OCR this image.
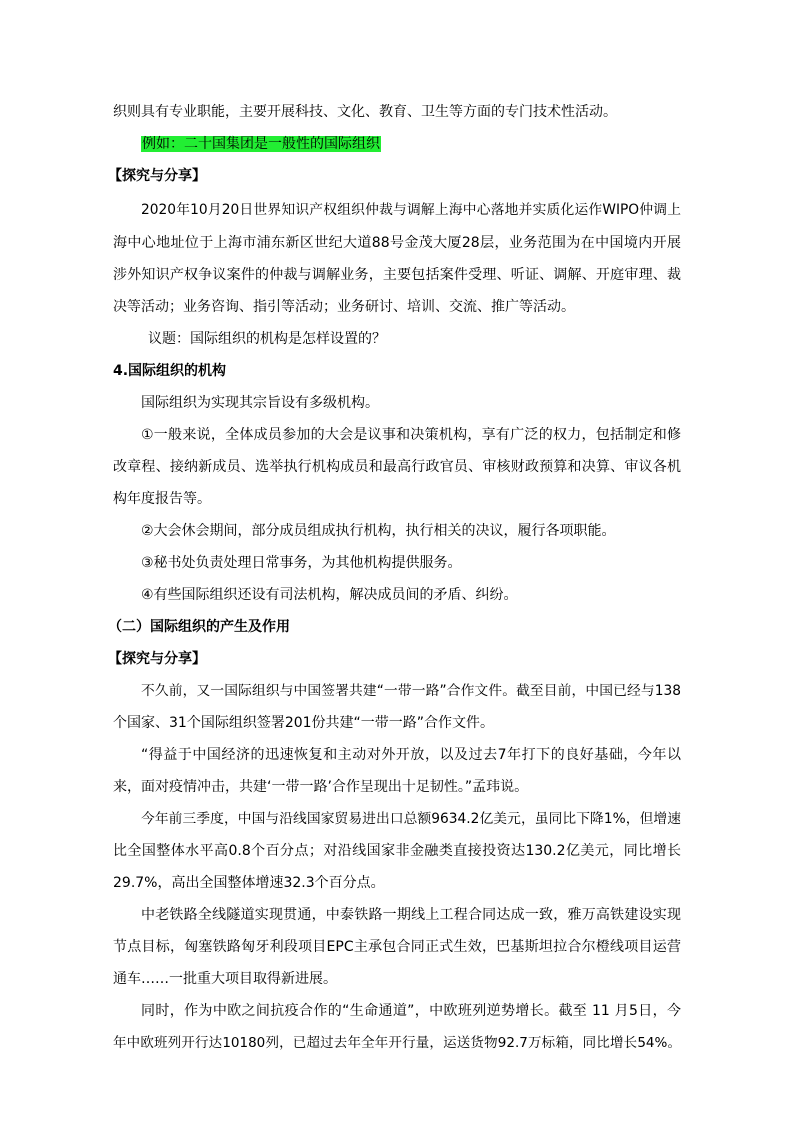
织则具有专业职能，主要开展科技、文化、教育、卫生等方面的专门技术性活动。
例如：二十国集团是一般性的国际组织
【探究与分享】
2020年10月20日世界知识产权组织仲裁与调解上海中心落地并实质化运作WIPO仲调上
海中心地址位于上海市浦东新区世纪大道88号金茂大厦28层，业务范围为在中国境内开展
涉外知识产权争议案件的仲裁与调解业务，主要包括案件受理、听证、调解、开庭审理、裁
决等活动；业务咨询、指引等活动；业务研讨、培训、交流、推广等活动。
议题：国际组织的机构是怎样设置的？
4.国际组织的机构
国际组织为实现其宗旨设有多级机构。
①一般来说，全体成员参加的大会是议事和决策机构，享有广泛的权力，包括制定和修
改章程、接纳新成员、选举执行机构成员和最高行政官员、审核财政预算和决算、审议各机
构年度报告等。
②大会休会期间，部分成员组成执行机构，执行相关的决议，履行各项职能。
③秘书处负责处理日常事务，为其他机构提供服务。
④有些国际组织还设有司法机构，解决成员间的矛盾、纠纷。
（二）国际组织的产生及作用
【探究与分享】
不久前，又一国际组织与中国签署共建“一带一路”合作文件。截至目前，中国已经与138
个国家、31个国际组织签署201份共建“一带一路”合作文件。
“得益于中国经济的迅速恢复和主动对外开放，以及过去7年打下的良好基础，今年以
来，面对疫情冲击，共建‘一带一路’合作呈现出十足韧性。”孟玮说。
今年前三季度，中国与沿线国家贸易进出口总额9634.2亿美元，虽同比下降1%，但增速
比全国整体水平高0.8个百分点；对沿线国家非金融类直接投资达130.2亿美元，同比增长
29.7%，高出全国整体增速32.3个百分点。
中老铁路全线隧道实现贯通，中泰铁路一期线上工程合同达成一致，雅万高铁建设实现
节点目标，匈塞铁路匈牙利段项目EPC主承包合同正式生效，巴基斯坦拉合尔橙线项目运营
通车……一批重大项目取得新进展。
同时，作为中欧之间抗疫合作的“生命通道”，中欧班列逆势增长。截至 11 月5日，今
年中欧班列开行达10180列，已超过去年全年开行量，运送货物92.7万标箱，同比增长54%。
